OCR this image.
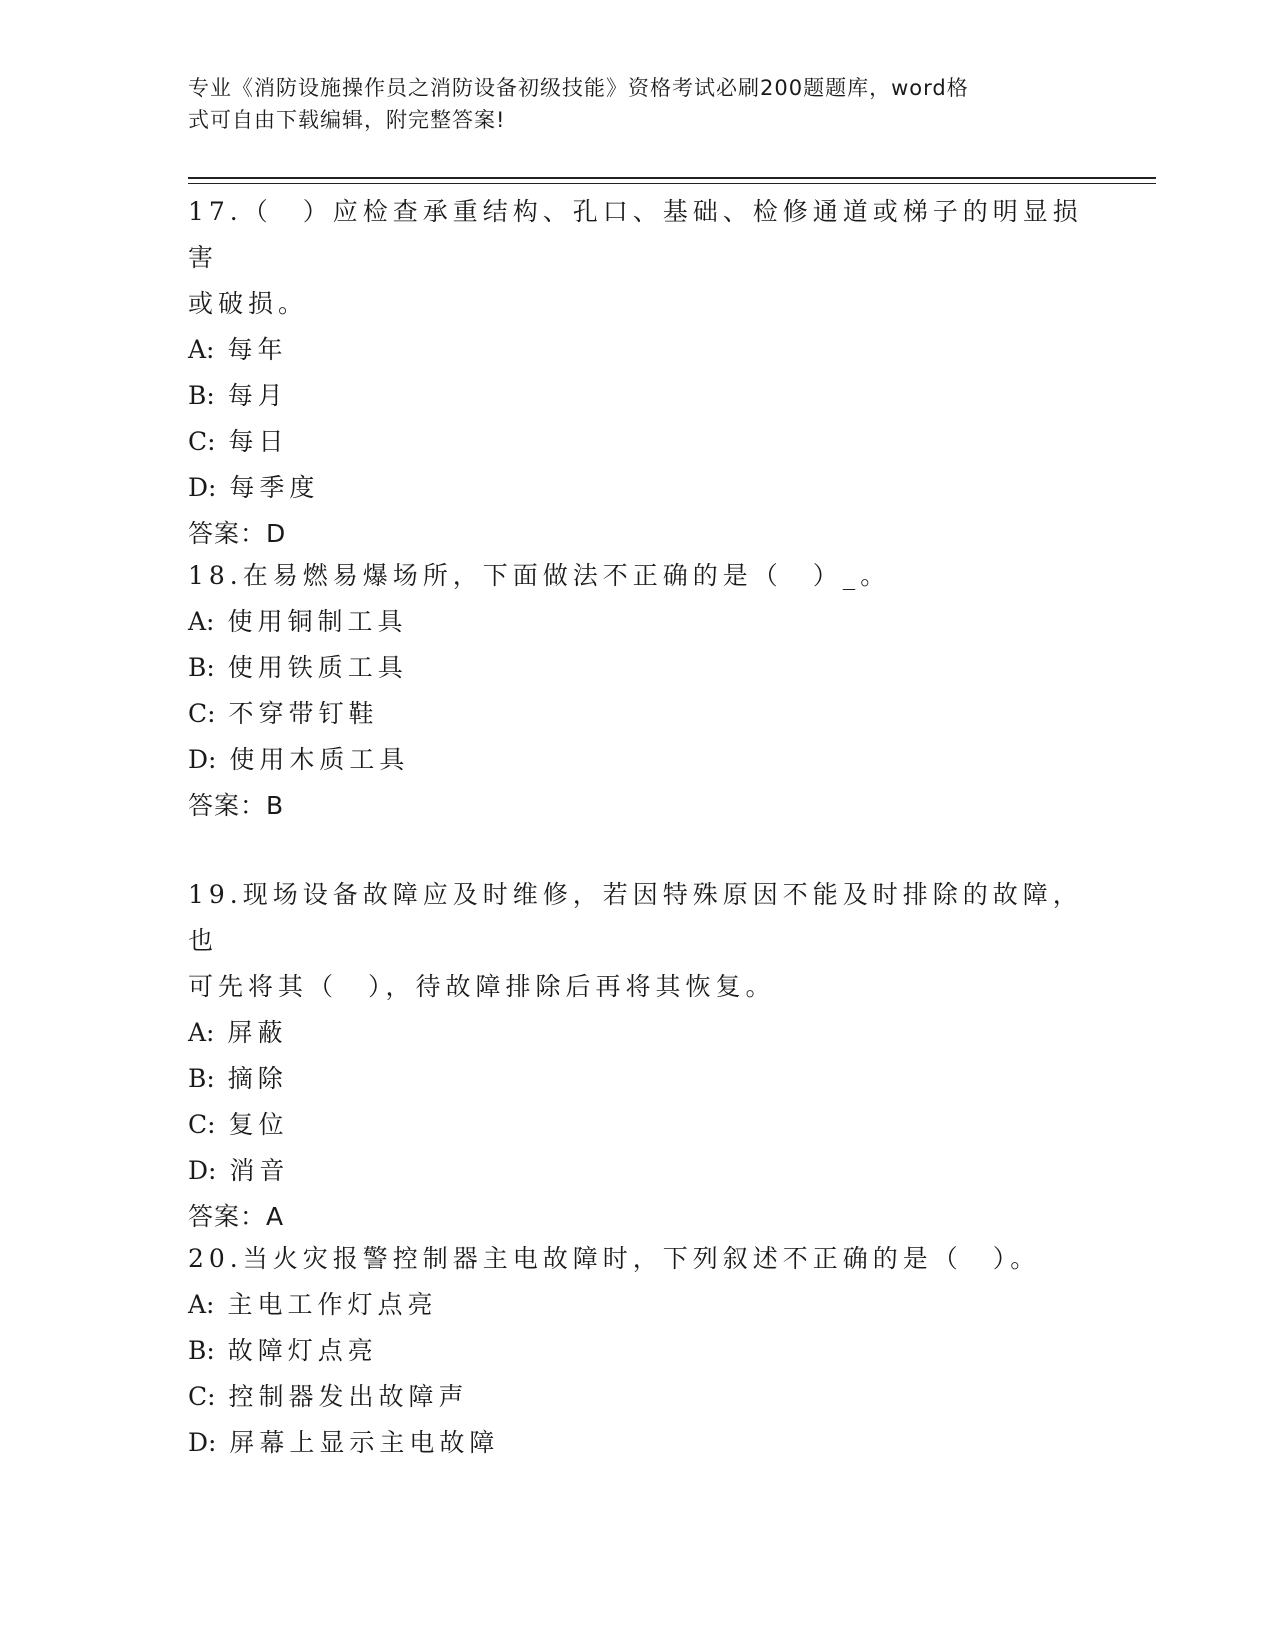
专业《消防设施操作员之消防设备初级技能》资格考试必刷200题题库，word格
式可自由下载编辑，附完整答案!
17.（　）应检查承重结构、孔口、基础、检修通道或梯子的明显损害
或破损。
A: 每年
B: 每月
C: 每日
D: 每季度
答案：D
18.在易燃易爆场所，下面做法不正确的是（　）_。
A: 使用铜制工具
B: 使用铁质工具
C: 不穿带钉鞋
D: 使用木质工具
答案：B
19.现场设备故障应及时维修，若因特殊原因不能及时排除的故障，也
可先将其（　），待故障排除后再将其恢复。
A: 屏蔽
B: 摘除
C: 复位
D: 消音
答案：A
20.当火灾报警控制器主电故障时，下列叙述不正确的是（　）。
A: 主电工作灯点亮
B: 故障灯点亮
C: 控制器发出故障声
D: 屏幕上显示主电故障
